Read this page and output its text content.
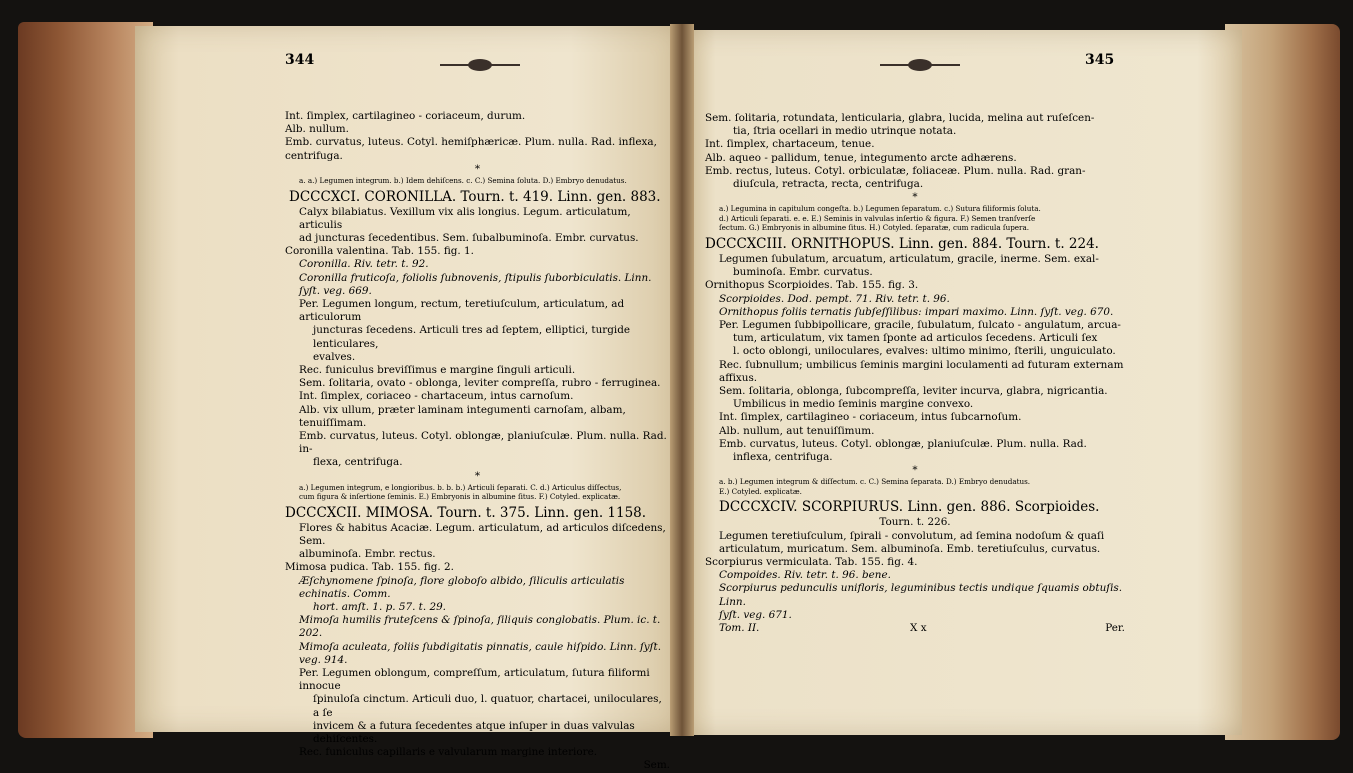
344

Int. ſimplex, cartilagineo - coriaceum, durum.

Alb. nullum.

Emb. curvatus, luteus. Cotyl. hemiſphæricæ. Plum. nulla. Rad. inflexa, centrifuga.

*

a. a.) Legumen integrum. b.) Idem dehiſcens. c. C.) Semina ſoluta. D.) Embryo denudatus.

DCCCXCI. CORONILLA. Tourn. t. 419. Linn. gen. 883.

Calyx bilabiatus. Vexillum vix alis longius. Legum. articulatum, articulis

ad juncturas ſecedentibus. Sem. ſubalbuminoſa. Embr. curvatus.

Coronilla valentina. Tab. 155. fig. 1.

Coronilla. Riv. tetr. t. 92.

Coronilla fruticoſa, foliolis ſubnovenis, ſtipulis ſuborbiculatis. Linn. ſyſt. veg. 669.

Per. Legumen longum, rectum, teretiuſculum, articulatum, ad articulorum

juncturas ſecedens. Articuli tres ad ſeptem, elliptici, turgide lenticulares,

evalves.

Rec. funiculus breviſſimus e margine ſinguli articuli.

Sem. ſolitaria, ovato - oblonga, leviter compreſſa, rubro - ferruginea.

Int. ſimplex, coriaceo - chartaceum, intus carnoſum.

Alb. vix ullum, præter laminam integumenti carnoſam, albam, tenuiſſimam.

Emb. curvatus, luteus. Cotyl. oblongæ, planiuſculæ. Plum. nulla. Rad. in-

flexa, centrifuga.

*

a.) Legumen integrum, e longioribus. b. b. b.) Articuli ſeparati. C. d.) Articulus diſſectus,

cum figura & inſertione ſeminis. E.) Embryonis in albumine ſitus. F.) Cotyled. explicatæ.

DCCCXCII. MIMOSA. Tourn. t. 375. Linn. gen. 1158.

Flores & habitus Acaciæ. Legum. articulatum, ad articulos diſcedens, Sem.

albuminoſa. Embr. rectus.

Mimosa pudica. Tab. 155. fig. 2.

Æſchynomene ſpinoſa, flore globoſo albido, ſiliculis articulatis echinatis. Comm.

hort. amſt. 1. p. 57. t. 29.

Mimoſa humilis fruteſcens & ſpinoſa, ſiliquis conglobatis. Plum. ic. t. 202.

Mimoſa aculeata, foliis ſubdigitatis pinnatis, caule hiſpido. Linn. ſyſt. veg. 914.

Per. Legumen oblongum, compreſſum, articulatum, ſutura filiformi innocue

ſpinuloſa cinctum. Articuli duo, l. quatuor, chartacei, uniloculares, a ſe

invicem & a futura ſecedentes atque inſuper in duas valvulas dehiſcentes.

Rec. funiculus capillaris e valvularum margine interiore.

Sem.

345

Sem. ſolitaria, rotundata, lenticularia, glabra, lucida, melina aut ruſeſcen-

tia, ſtria ocellari in medio utrinque notata.

Int. ſimplex, chartaceum, tenue.

Alb. aqueo - pallidum, tenue, integumento arcte adhærens.

Emb. rectus, luteus. Cotyl. orbiculatæ, foliaceæ. Plum. nulla. Rad. gran-

diuſcula, retracta, recta, centrifuga.

*

a.) Legumina in capitulum congeſta. b.) Legumen ſeparatum. c.) Sutura filiformis ſoluta.

d.) Articuli ſeparati. e. e. E.) Seminis in valvulas inſertio & figura. F.) Semen tranſverſe

ſectum. G.) Embryonis in albumine ſitus. H.) Cotyled. ſeparatæ, cum radicula ſupera.

DCCCXCIII. ORNITHOPUS. Linn. gen. 884. Tourn. t. 224.

Legumen ſubulatum, arcuatum, articulatum, gracile, inerme. Sem. exal-

buminoſa. Embr. curvatus.

Ornithopus Scorpioides. Tab. 155. fig. 3.

Scorpioides. Dod. pempt. 71. Riv. tetr. t. 96.

Ornithopus foliis ternatis ſubſeſſilibus: impari maximo. Linn. ſyſt. veg. 670.

Per. Legumen ſubbipollicare, gracile, ſubulatum, ſulcato - angulatum, arcua-

tum, articulatum, vix tamen ſponte ad articulos ſecedens. Articuli ſex

l. octo oblongi, uniloculares, evalves: ultimo minimo, ſterili, unguiculato.

Rec. ſubnullum; umbilicus ſeminis margini loculamenti ad futuram externam affixus.

Sem. ſolitaria, oblonga, ſubcompreſſa, leviter incurva, glabra, nigricantia.

Umbilicus in medio ſeminis margine convexo.

Int. ſimplex, cartilagineo - coriaceum, intus ſubcarnoſum.

Alb. nullum, aut tenuiſſimum.

Emb. curvatus, luteus. Cotyl. oblongæ, planiuſculæ. Plum. nulla. Rad.

inflexa, centrifuga.

*

a. b.) Legumen integrum & diſſectum. c. C.) Semina ſeparata. D.) Embryo denudatus.

E.) Cotyled. explicatæ.

DCCCXCIV. SCORPIURUS. Linn. gen. 886. Scorpioides.

Tourn. t. 226.

Legumen teretiuſculum, ſpirali - convolutum, ad ſemina nodoſum & quaſi

articulatum, muricatum. Sem. albuminoſa. Emb. teretiuſculus, curvatus.

Scorpiurus vermiculata. Tab. 155. fig. 4.

Compoides. Riv. tetr. t. 96. bene.

Scorpiurus pedunculis unifloris, leguminibus tectis undique ſquamis obtuſis. Linn.

ſyſt. veg. 671.

Tom. II.	X x	Per.
